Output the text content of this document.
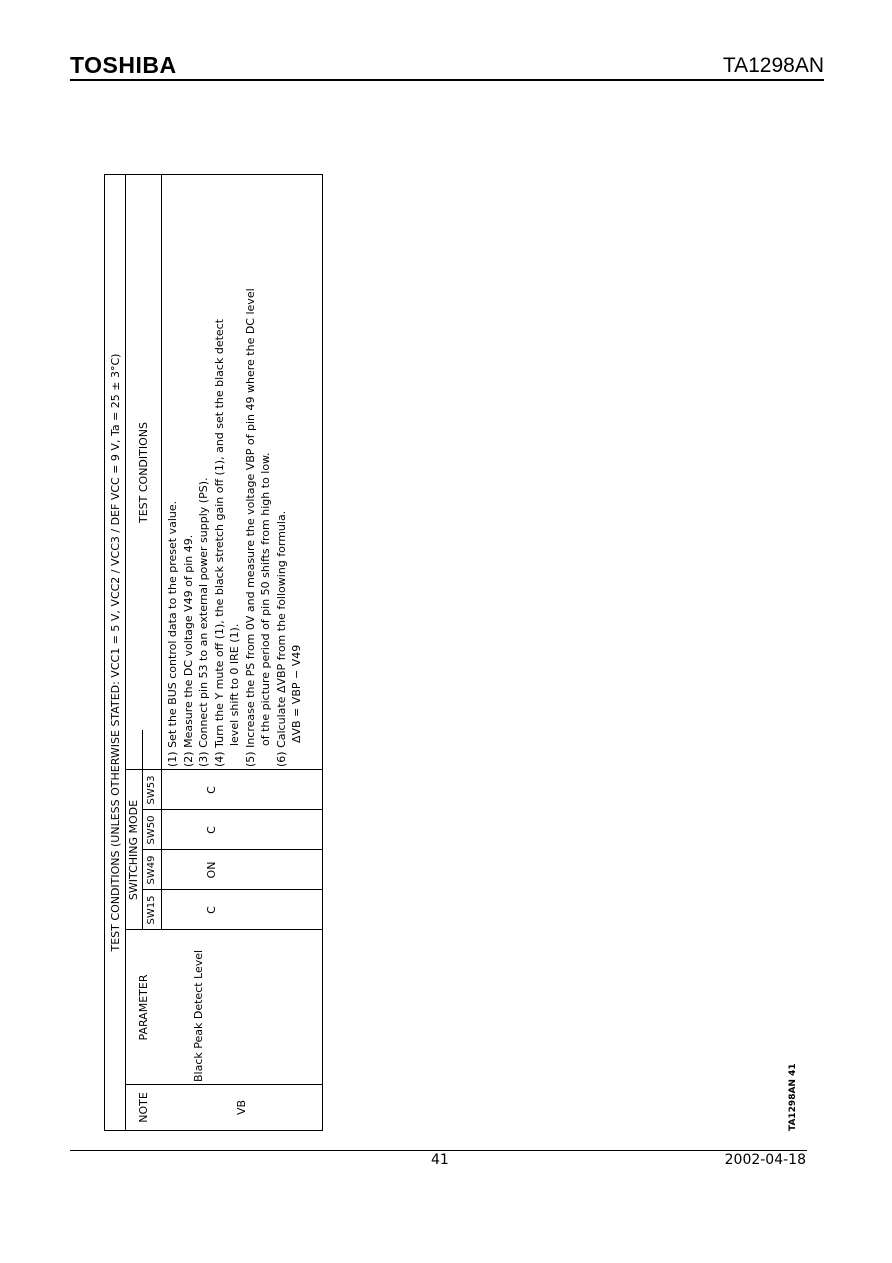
TOSHIBA	TA1298AN
TEST CONDITIONS (UNLESS OTHERWISE STATED: VCC1 = 5 V, VCC2 / VCC3 / DEF VCC = 9 V, Ta = 25 ± 3°C)
NOTE
PARAMETER
SWITCHING MODE
SW15
SW49
SW50
SW53
TEST CONDITIONS
VB
Black Peak Detect Level
C
ON
C
C
(1) Set the BUS control data to the preset value. (2) Measure the DC voltage V49 of pin 49. (3) Connect pin 53 to an external power supply (PS). (4) Turn the Y mute off (1), the black stretch gain off (1), and set the black detect level shift to 0 IRE (1). (5) Increase the PS from 0V and measure the voltage VBP of pin 49 where the DC level of the picture period of pin 50 shifts from high to low. (6) Calculate ΔVBP from the following formula. ΔVB = VBP − V49
TA1298AN 41
41	2002-04-18
